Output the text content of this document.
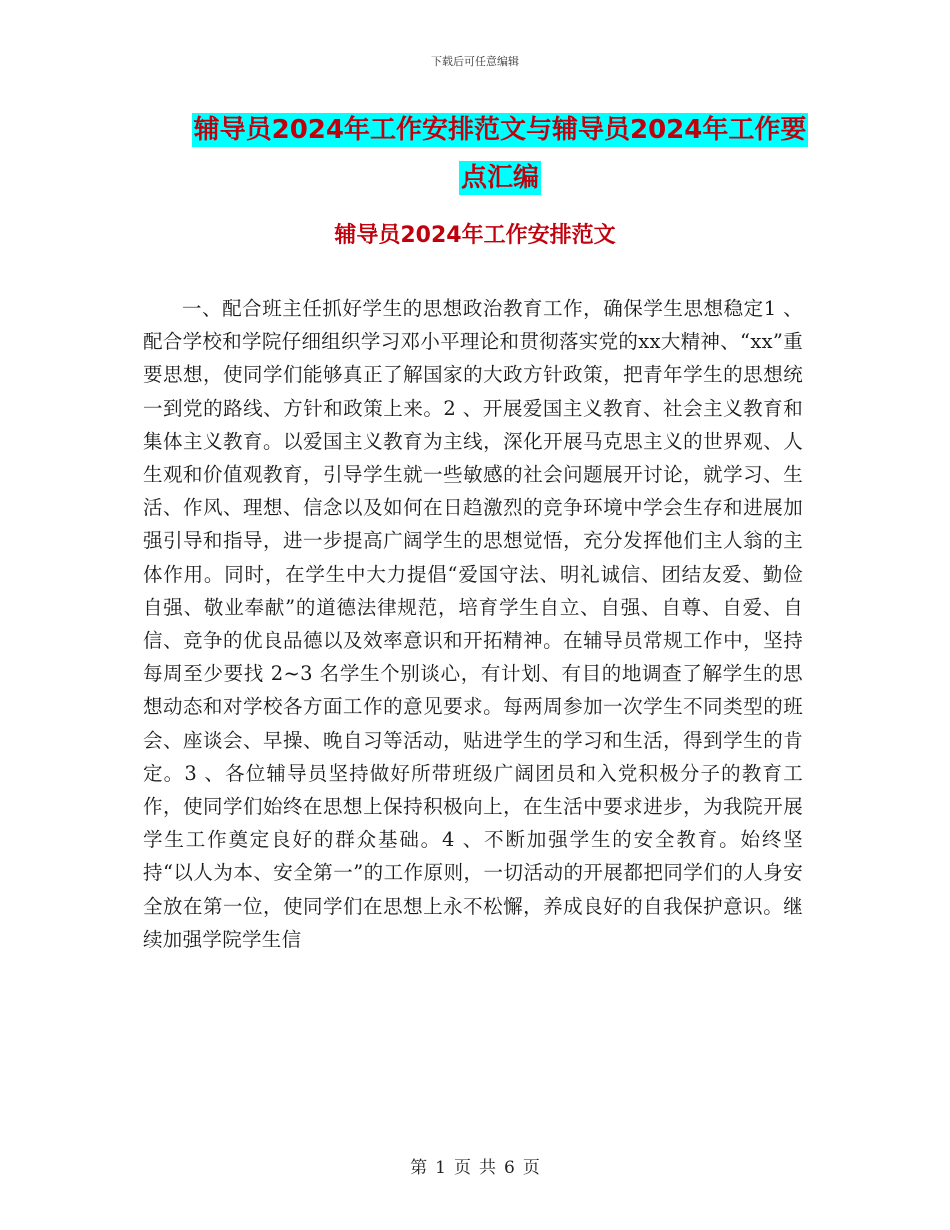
下载后可任意编辑
辅导员2024年工作安排范文与辅导员2024年工作要
点汇编
辅导员2024年工作安排范文
一、配合班主任抓好学生的思想政治教育工作，确保学生思想稳定1 、配合学校和学院仔细组织学习邓小平理论和贯彻落实党的xx大精神、“xx”重要思想，使同学们能够真正了解国家的大政方针政策，把青年学生的思想统一到党的路线、方针和政策上来。2 、开展爱国主义教育、社会主义教育和集体主义教育。以爱国主义教育为主线，深化开展马克思主义的世界观、人生观和价值观教育，引导学生就一些敏感的社会问题展开讨论，就学习、生活、作风、理想、信念以及如何在日趋激烈的竞争环境中学会生存和进展加强引导和指导，进一步提高广阔学生的思想觉悟，充分发挥他们主人翁的主体作用。同时，在学生中大力提倡“爱国守法、明礼诚信、团结友爱、勤俭自强、敬业奉献”的道德法律规范，培育学生自立、自强、自尊、自爱、自信、竞争的优良品德以及效率意识和开拓精神。在辅导员常规工作中，坚持 每周至少要找 2~3 名学生个别谈心，有计划、有目的地调查了解学生的思想动态和对学校各方面工作的意见要求。每两周参加一次学生不同类型的班会、座谈会、早操、晚自习等活动，贴进学生的学习和生活，得到学生的肯定。3 、各位辅导员坚持做好所带班级广阔团员和入党积极分子的教育工作，使同学们始终在思想上保持积极向上，在生活中要求进步，为我院开展学生工作奠定良好的群众基础。4 、不断加强学生的安全教育。始终坚持“以人为本、安全第一”的工作原则，一切活动的开展都把同学们的人身安全放在第一位，使同学们在思想上永不松懈，养成良好的自我保护意识。继续加强学院学生信
第 1 页 共 6 页
